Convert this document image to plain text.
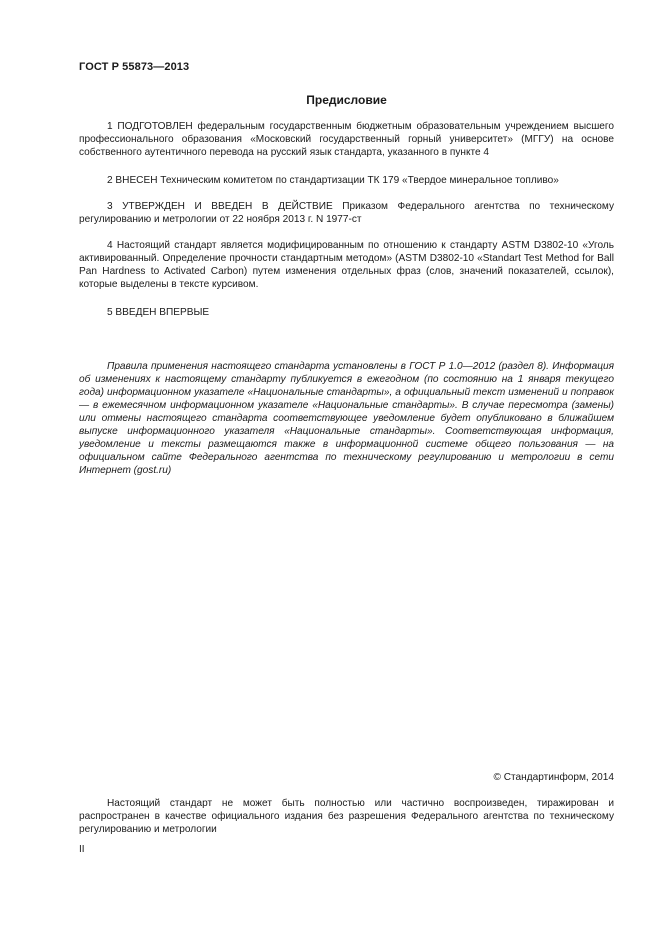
ГОСТ Р 55873—2013
Предисловие

1 ПОДГОТОВЛЕН федеральным государственным бюджетным образовательным учреждением высшего профессионального образования «Московский государственный горный университет» (МГГУ) на основе собственного аутентичного перевода на русский язык стандарта, указанного в пункте 4

2 ВНЕСЕН Техническим комитетом по стандартизации ТК 179 «Твердое минеральное топливо»

3 УТВЕРЖДЕН И ВВЕДЕН В ДЕЙСТВИЕ Приказом Федерального агентства по техническому регулированию и метрологии от 22 ноября 2013 г. N 1977-ст

4 Настоящий стандарт является модифицированным по отношению к стандарту ASTM D3802-10 «Уголь активированный. Определение прочности стандартным методом» (ASTM D3802-10 «Standart Test Method for Ball Pan Hardness to Activated Carbon) путем изменения отдельных фраз (слов, значений показателей, ссылок), которые выделены в тексте курсивом.

5 ВВЕДЕН ВПЕРВЫЕ

Правила применения настоящего стандарта установлены в ГОСТ Р 1.0—2012 (раздел 8). Информация об изменениях к настоящему стандарту публикуется в ежегодном (по состоянию на 1 января текущего года) информационном указателе «Национальные стандарты», а официальный текст изменений и поправок — в ежемесячном информационном указателе «Национальные стандарты». В случае пересмотра (замены) или отмены настоящего стандарта соответствующее уведомление будет опубликовано в ближайшем выпуске информационного указателя «Национальные стандарты». Соответствующая информация, уведомление и тексты размещаются также в информационной системе общего пользования — на официальном сайте Федерального агентства по техническому регулированию и метрологии в сети Интернет (gost.ru)

© Стандартинформ, 2014

Настоящий стандарт не может быть полностью или частично воспроизведен, тиражирован и распространен в качестве официального издания без разрешения Федерального агентства по техническому регулированию и метрологии

II
